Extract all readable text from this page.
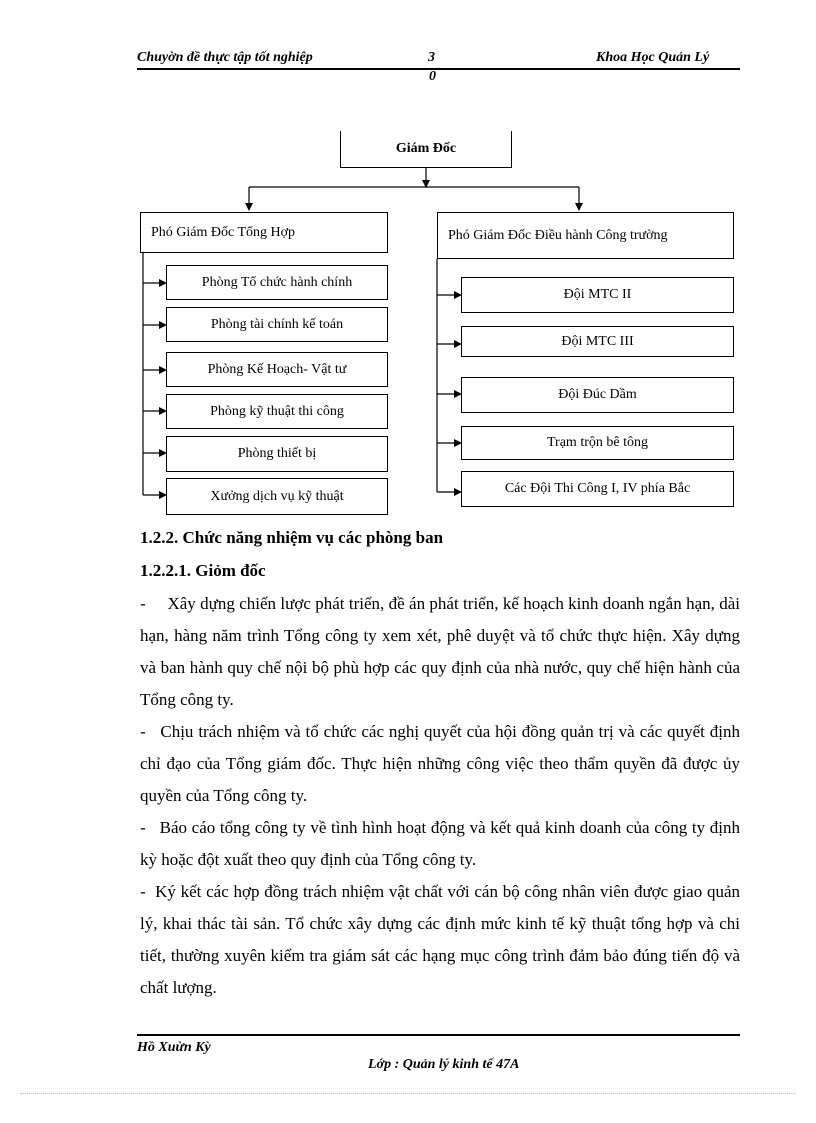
Chuyờn đề thực tập tốt nghiệp	3	Khoa Học Quản Lý
0
Giám Đốc
Phó Giám Đốc Tổng Hợp	Phó Giám Đốc Điều hành Công trường
Phòng Tổ chức hành chính
Phòng tài chính kế toán
Phòng Kế Hoạch- Vật tư
Phòng kỹ thuật thi công
Phòng thiết bị
Xưởng dịch vụ kỹ thuật
Đội MTC II
Đội MTC III
Đội Đúc Dầm
Trạm trộn bê tông
Các Đội Thi Công I, IV phía Bắc
1.2.2. Chức năng nhiệm vụ các phòng ban
1.2.2.1. Giỏm đốc
-     Xây dựng chiến lược phát triển, đề án phát triển, kế hoạch kinh doanh ngắn hạn, dài hạn, hàng năm trình Tổng công ty xem xét, phê duyệt và tổ chức thực hiện. Xây dựng và ban hành quy chế nội bộ phù hợp các quy định của nhà nước, quy chế hiện hành của Tổng công ty.
-   Chịu trách nhiệm và tổ chức các nghị quyết của hội đồng quản trị và các quyết định chỉ đạo của Tổng giám đốc. Thực hiện những công việc theo thẩm quyền đã được ủy quyền của Tổng công ty.
-   Báo cáo tổng công ty về tình hình hoạt động và kết quả kinh doanh của công ty định kỳ hoặc đột xuất theo quy định của Tổng công ty.
-  Ký kết các hợp đồng trách nhiệm vật chất với cán bộ công nhân viên được giao quản lý, khai thác tài sản. Tổ chức xây dựng các định mức kinh tế kỹ thuật tổng hợp và chi tiết, thường xuyên kiểm tra giám sát các hạng mục công trình đảm bảo đúng tiến độ và chất lượng.
Hồ Xuừn Kỳ
Lớp : Quản lý kinh tế 47A
